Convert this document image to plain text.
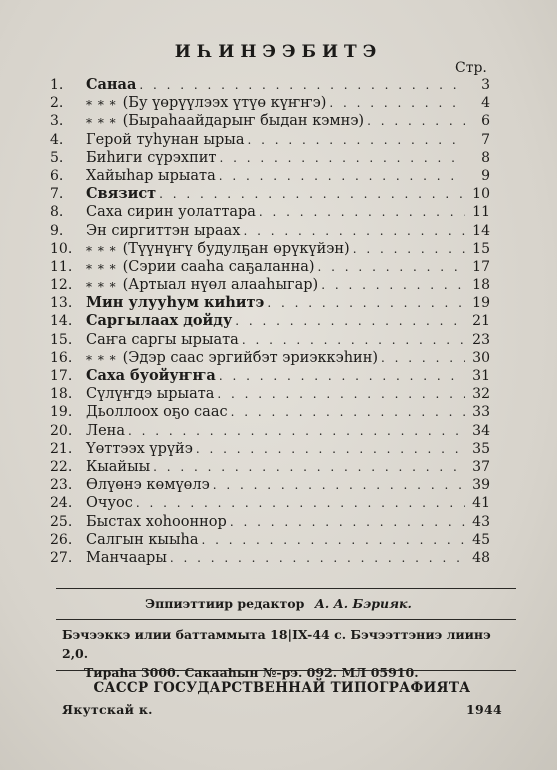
ИҺИНЭЭБИТЭ
Стр.
1.	Санаа . . .	3
2.	* * * (Бу үөрүүлээх үтүө күҥҥэ) . . .	4
3.	* * * (Быраһаайдарыҥ быдан кэмнэ) . . .	6
4.	Герой туһунан ырыа . . .	7
5.	Биһиги сүрэхпит . . .	8
6.	Хайыһар ырыата . . .	9
7.	Связист . . .	10
8.	Саха сирин уолаттара . . .	11
9.	Эн сиргиттэн ыраах . . .	14
10.	* * * (Түүнүҥү будулҕан өрүкүйэн) . . .	15
11.	* * * (Сэрии сааһа саҕаланна) . . .	17
12.	* * * (Артыал нүөл алааһыгар) . . .	18
13. Мин улууһум киһитэ . . .	19
14. Саргылаах дойду . . .	21
15. Саҥа саргы ырыата . . .	23
16.	* * * (Эдэр саас эргийбэт эриэккэһин) . . .	30
17. Саха буойуҥҥа . . .	31
18. Сүлүҥдэ ырыата . . .	32
19. Дьоллоох оҕо саас . . .	33
20. Лена . . .	34
21. Үөттээх үрүйэ . . .	35
22. Кыайыы . . .	37
23. Өлүөнэ көмүөлэ . . .	39
24. Очуос . . .	41
25. Быстах хоһооннор . . .	43
26. Салгын кыыһа . . .	45
27. Манчаары . . .	48
Эппиэттиир редактор А. А. Бэрияк.
Бэчээккэ илии баттаммыта 18|IX-44 с. Бэчээттэниэ лиинэ 2,0.
Тираһа 3000. Сакааһын №-рэ. 092. МЛ 05910.
САССР ГОСУДАРСТВЕННАЙ ТИПОГРАФИЯТА
Якутскай к.	1944
